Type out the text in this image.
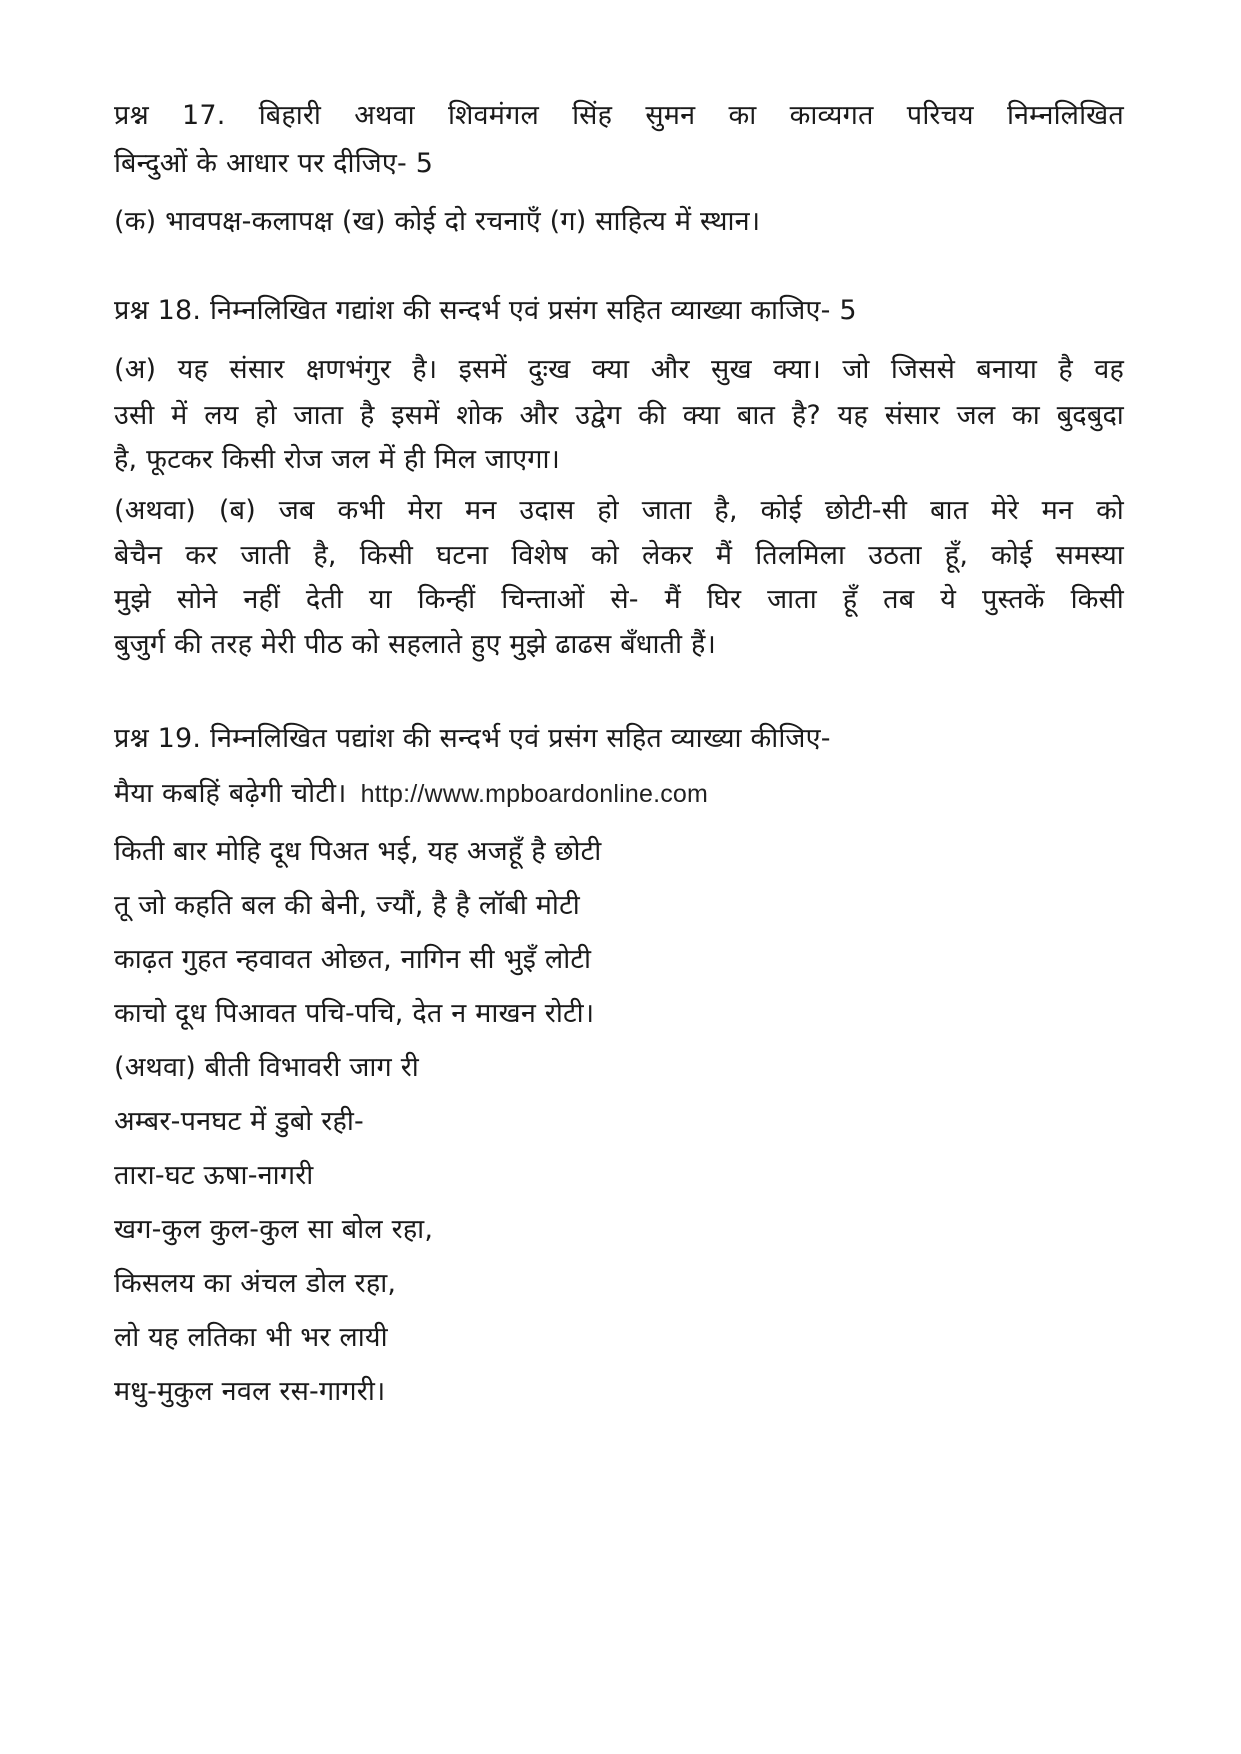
प्रश्न 17. बिहारी अथवा शिवमंगल सिंह सुमन का काव्यगत परिचय निम्नलिखित
बिन्दुओं के आधार पर दीजिए- 5
(क) भावपक्ष-कलापक्ष (ख) कोई दो रचनाएँ (ग) साहित्य में स्थान।
प्रश्न 18. निम्नलिखित गद्यांश की सन्दर्भ एवं प्रसंग सहित व्याख्या काजिए- 5
(अ) यह संसार क्षणभंगुर है। इसमें दुःख क्या और सुख क्या। जो जिससे बनाया है वह
उसी में लय हो जाता है इसमें शोक और उद्वेग की क्या बात है? यह संसार जल का बुदबुदा
है, फूटकर किसी रोज जल में ही मिल जाएगा।
(अथवा) (ब) जब कभी मेरा मन उदास हो जाता है, कोई छोटी-सी बात मेरे मन को
बेचैन कर जाती है, किसी घटना विशेष को लेकर मैं तिलमिला उठता हूँ, कोई समस्या
मुझे सोने नहीं देती या किन्हीं चिन्ताओं से- मैं घिर जाता हूँ तब ये पुस्तकें किसी
बुजुर्ग की तरह मेरी पीठ को सहलाते हुए मुझे ढाढस बँधाती हैं।
प्रश्न 19. निम्नलिखित पद्यांश की सन्दर्भ एवं प्रसंग सहित व्याख्या कीजिए-
मैया कबहिं बढ़ेगी चोटी। http://www.mpboardonline.com
किती बार मोहि दूध पिअत भई, यह अजहूँ है छोटी
तू जो कहति बल की बेनी, ज्यौं, है है लॉबी मोटी
काढ़त गुहत न्हवावत ओछत, नागिन सी भुइँ लोटी
काचो दूध पिआवत पचि-पचि, देत न माखन रोटी।
(अथवा) बीती विभावरी जाग री
अम्बर-पनघट में डुबो रही-
तारा-घट ऊषा-नागरी
खग-कुल कुल-कुल सा बोल रहा,
किसलय का अंचल डोल रहा,
लो यह लतिका भी भर लायी
मधु-मुकुल नवल रस-गागरी।
